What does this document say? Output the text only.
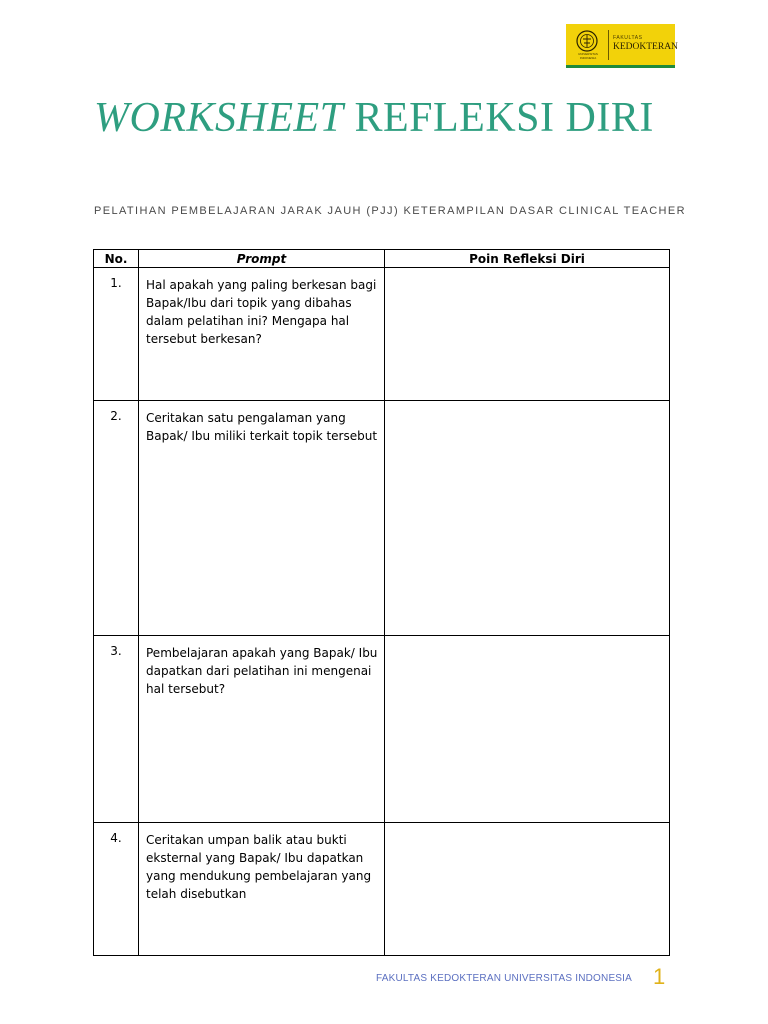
UNIVERSITAS INDONESIA
FAKULTAS
KEDOKTERAN
WORKSHEET REFLEKSI DIRI
PELATIHAN PEMBELAJARAN JARAK JAUH (PJJ) KETERAMPILAN DASAR CLINICAL TEACHER
No.	Prompt	Poin Refleksi Diri
1.	Hal apakah yang paling berkesan bagi Bapak/Ibu dari topik yang dibahas dalam pelatihan ini? Mengapa hal tersebut berkesan?	
2.	Ceritakan satu pengalaman yang Bapak/ Ibu miliki terkait topik tersebut	
3.	Pembelajaran apakah yang Bapak/ Ibu dapatkan dari pelatihan ini mengenai hal tersebut?	
4.	Ceritakan umpan balik atau bukti eksternal yang Bapak/ Ibu dapatkan yang mendukung pembelajaran yang telah disebutkan	
FAKULTAS KEDOKTERAN UNIVERSITAS INDONESIA 1
